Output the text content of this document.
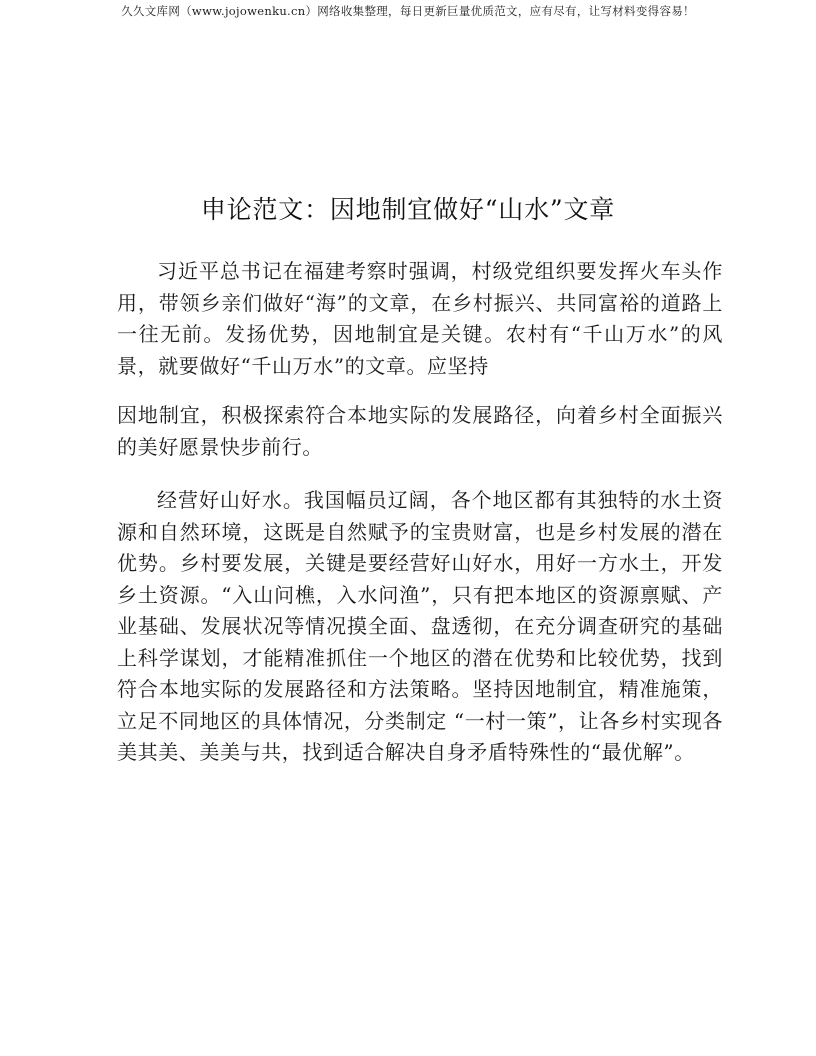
久久文库网（www.jojowenku.cn）网络收集整理，每日更新巨量优质范文，应有尽有，让写材料变得容易！
申论范文：因地制宜做好“山水”文章

习近平总书记在福建考察时强调，村级党组织要发挥火车头作用，带领乡亲们做好“海”的文章，在乡村振兴、共同富裕的道路上一往无前。发扬优势，因地制宜是关键。农村有“千山万水”的风景，就要做好“千山万水”的文章。应坚持

因地制宜，积极探索符合本地实际的发展路径，向着乡村全面振兴的美好愿景快步前行。

经营好山好水。我国幅员辽阔，各个地区都有其独特的水土资源和自然环境，这既是自然赋予的宝贵财富，也是乡村发展的潜在优势。乡村要发展，关键是要经营好山好水，用好一方水土，开发乡土资源。“入山问樵，入水问渔”，只有把本地区的资源禀赋、产业基础、发展状况等情况摸全面、盘透彻，在充分调查研究的基础上科学谋划，才能精准抓住一个地区的潜在优势和比较优势，找到符合本地实际的发展路径和方法策略。坚持因地制宜，精准施策，立足不同地区的具体情况，分类制定 “一村一策”，让各乡村实现各美其美、美美与共，找到适合解决自身矛盾特殊性的“最优解”。
